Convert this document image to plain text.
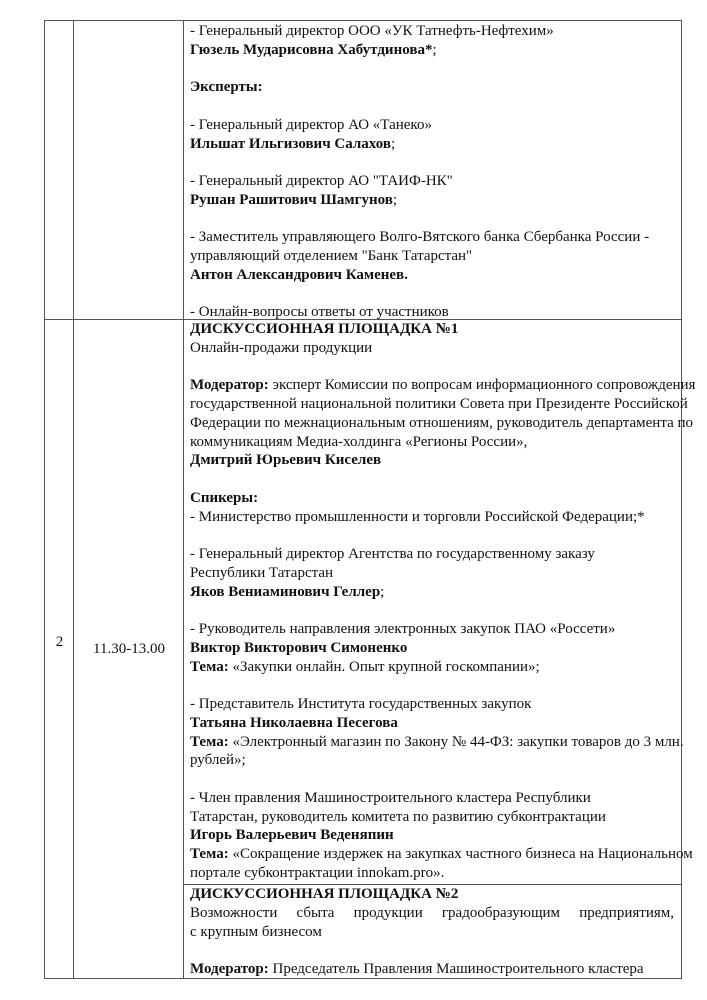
- Генеральный директор ООО «УК Татнефть-Нефтехим»
Гюзель Мударисовна Хабутдинова*;

Эксперты:

- Генеральный директор АО «Танеко»
Ильшат Ильгизович Салахов;

- Генеральный директор АО "ТАИФ-НК"
Рушан Рашитович Шамгунов;

- Заместитель управляющего Волго-Вятского банка Сбербанка России -
управляющий отделением "Банк Татарстан"
Антон Александрович Каменев.

- Онлайн-вопросы ответы от участников
2	11.30-13.00
ДИСКУССИОННАЯ ПЛОЩАДКА №1
Онлайн-продажи продукции

Модератор: эксперт Комиссии по вопросам информационного сопровождения
государственной национальной политики Совета при Президенте Российской
Федерации по межнациональным отношениям, руководитель департамента по
коммуникациям Медиа-холдинга «Регионы России»,
Дмитрий Юрьевич Киселев

Спикеры:
- Министерство промышленности и торговли Российской Федерации;*

- Генеральный директор Агентства по государственному заказу
Республики Татарстан
Яков Вениаминович Геллер;

- Руководитель направления электронных закупок ПАО «Россети»
Виктор Викторович Симоненко
Тема: «Закупки онлайн. Опыт крупной госкомпании»;

- Представитель Института государственных закупок
Татьяна Николаевна Песегова
Тема: «Электронный магазин по Закону № 44-ФЗ: закупки товаров до 3 млн.
рублей»;

- Член правления Машиностроительного кластера Республики
Татарстан, руководитель комитета по развитию субконтрактации
Игорь Валерьевич Веденяпин
Тема: «Сокращение издержек на закупках частного бизнеса на Национальном
портале субконтрактации innokam.pro».
ДИСКУССИОННАЯ ПЛОЩАДКА №2
Возможности сбыта продукции градообразующим предприятиям,
с крупным бизнесом

Модератор: Председатель Правления Машиностроительного кластера
